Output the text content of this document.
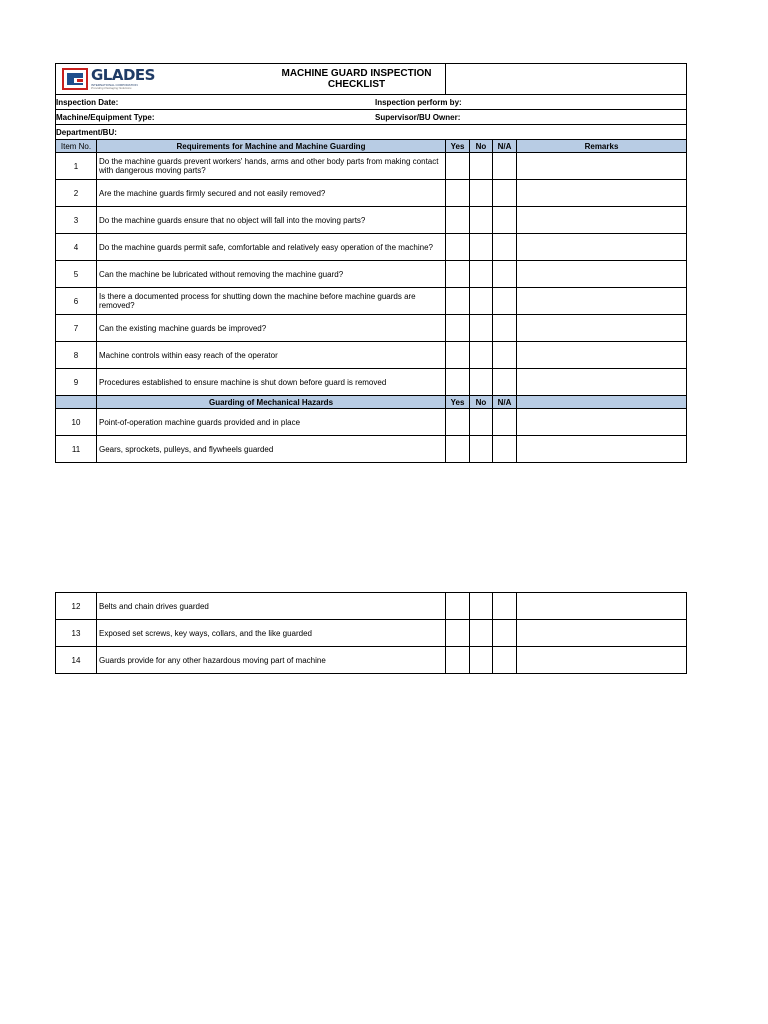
GLADES
INTERNATIONAL CORPORATION
Providing Packaging Solutions
MACHINE GUARD INSPECTION CHECKLIST					

Inspection Date: Inspection perform by:					

Machine/Equipment Type: Supervisor/BU Owner:					

Department/BU:					
Item No.	Requirements for Machine and Machine Guarding	Yes	No	N/A	Remarks
1	Do the machine guards prevent workers' hands, arms and other body parts from making contact with dangerous moving parts?				
2	Are the machine guards firmly secured and not easily removed?				
3	Do the machine guards ensure that no object will fall into the moving parts?				
4	Do the machine guards permit safe, comfortable and relatively easy operation of the machine?				
5	Can the machine be lubricated without removing the machine guard?				
6	Is there a documented process for shutting down the machine before machine guards are removed?				
7	Can the existing machine guards be improved?				
8	Machine controls within easy reach of the operator				
9	Procedures established to ensure machine is shut down before guard is removed				
	Guarding of Mechanical Hazards	Yes	No	N/A	
10	Point-of-operation machine guards provided and in place				
11	Gears, sprockets, pulleys, and flywheels guarded				
12	Belts and chain drives guarded				
13	Exposed set screws, key ways, collars, and the like guarded				
14	Guards provide for any other hazardous moving part of machine				
